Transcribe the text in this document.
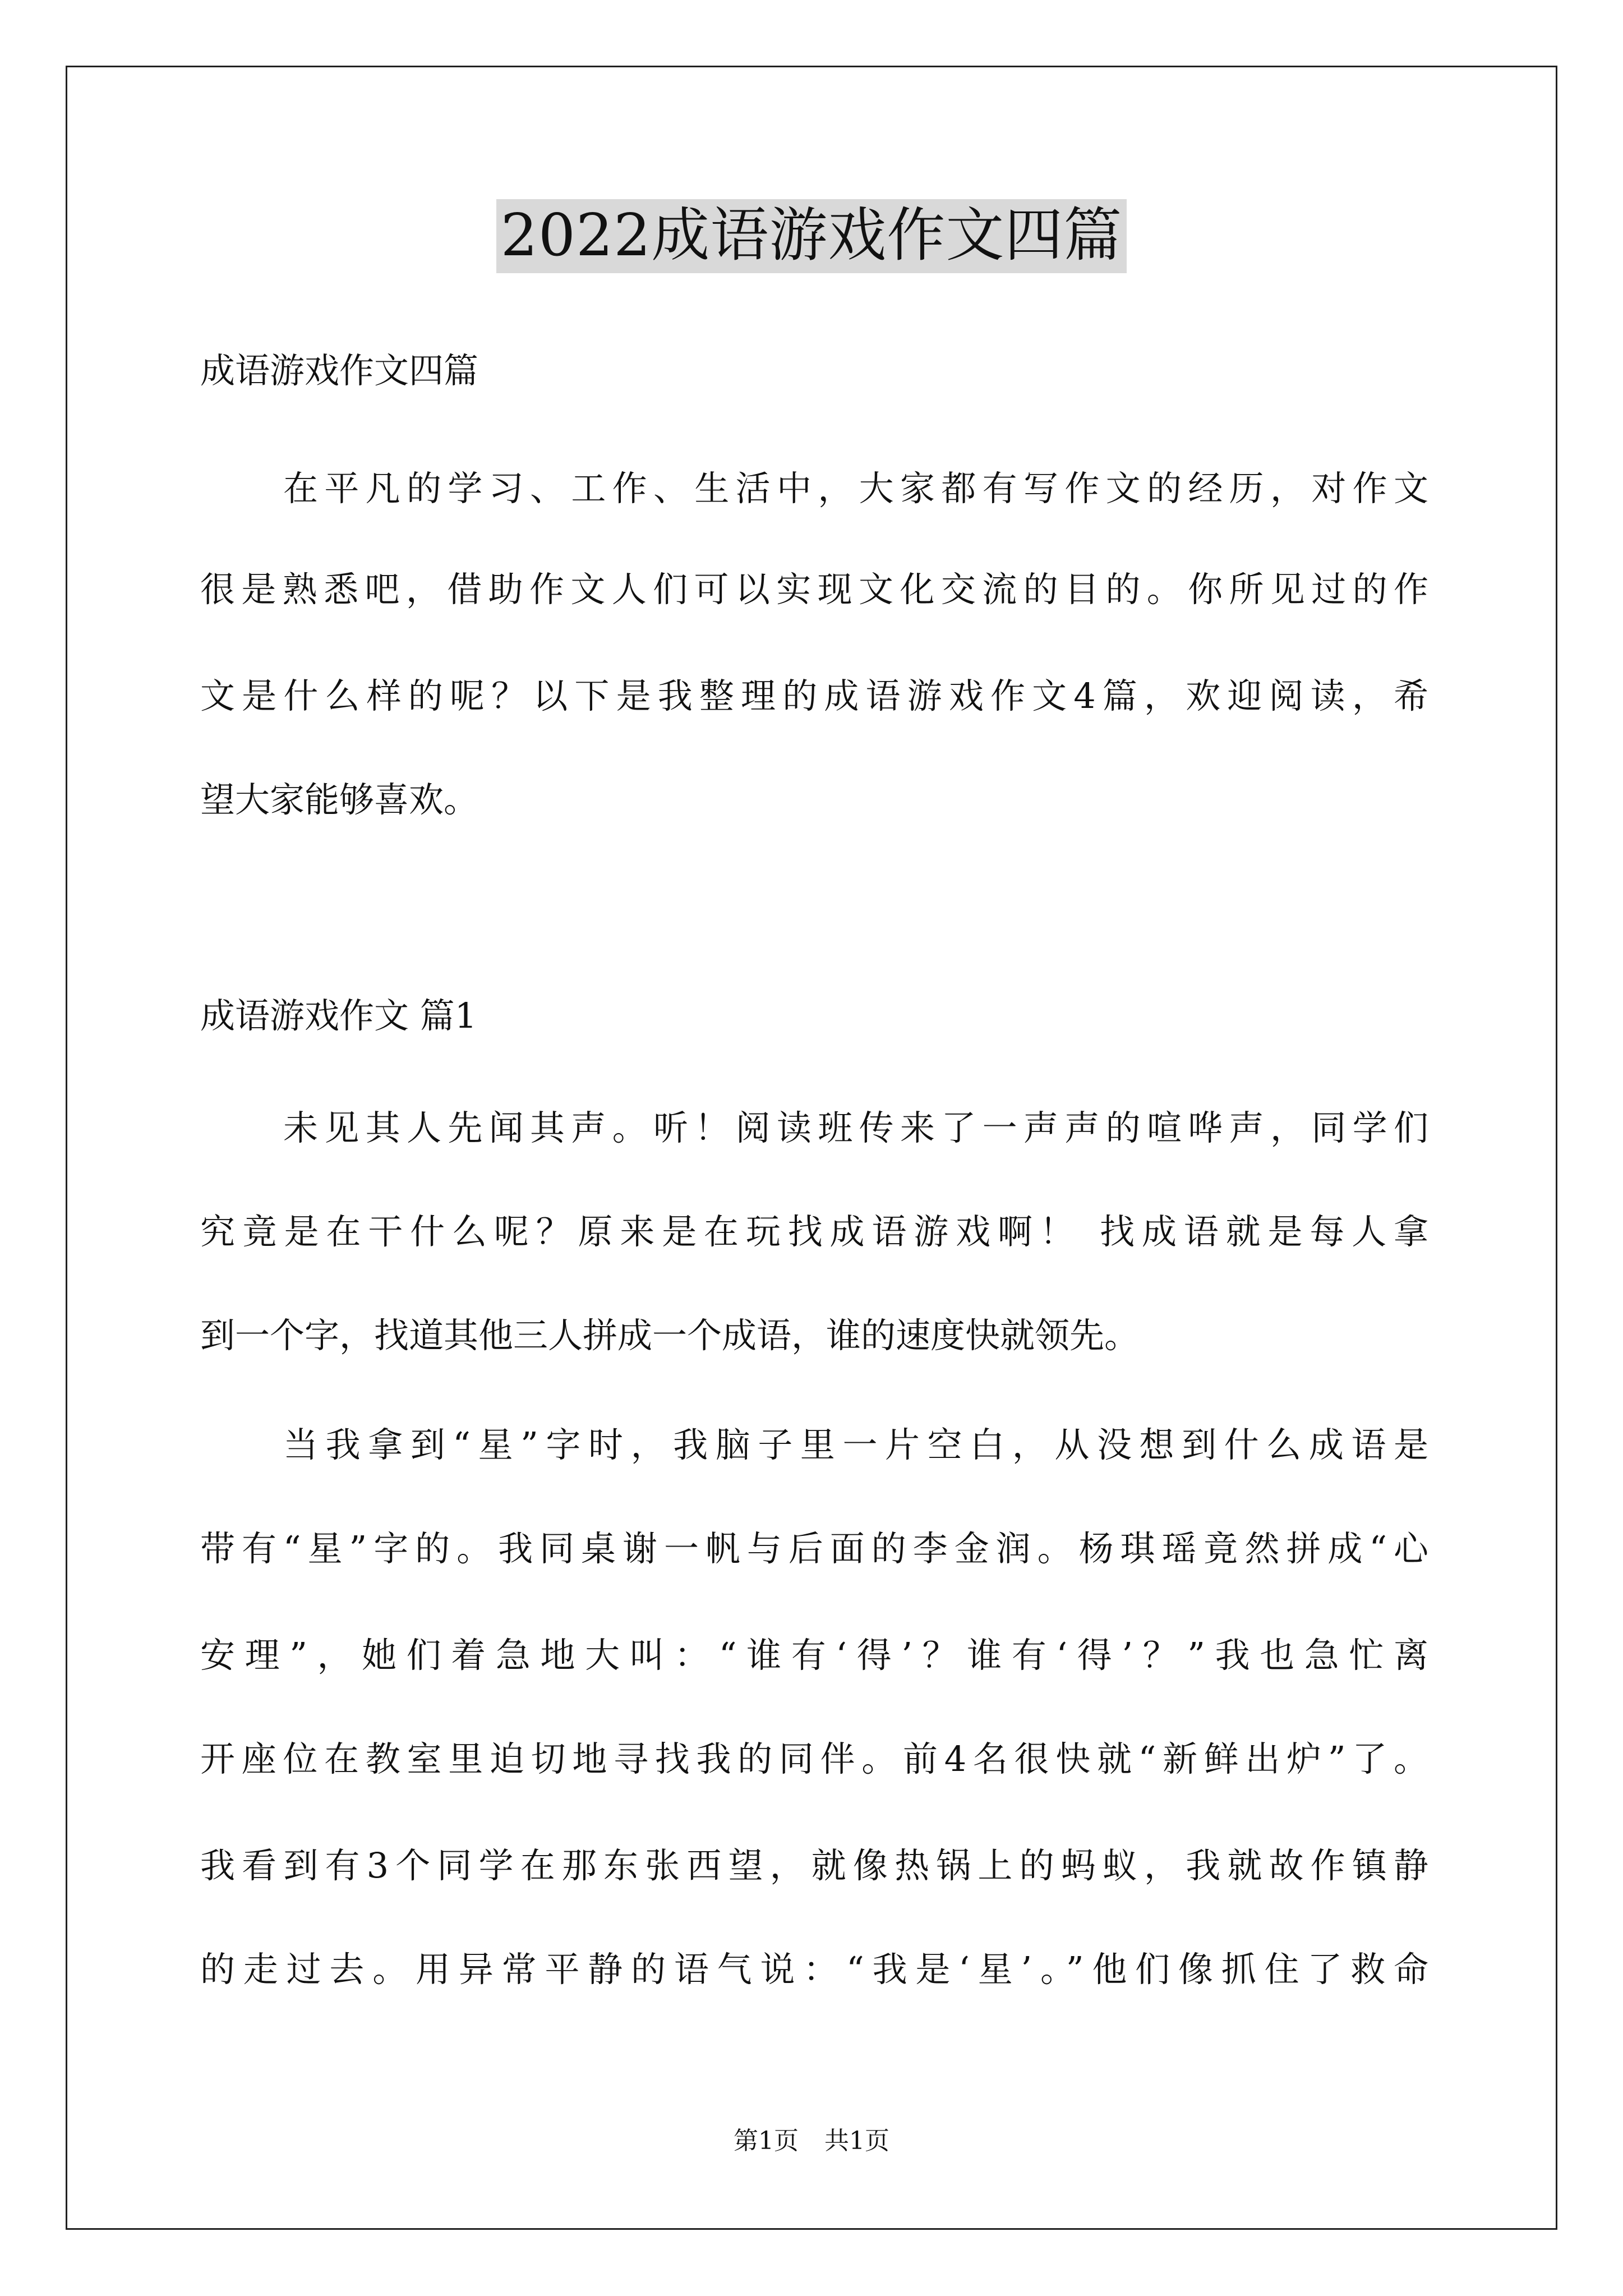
2022成语游戏作文四篇
成语游戏作文四篇
在平凡的学习、工作、生活中，大家都有写作文的经历，对作文
很是熟悉吧，借助作文人们可以实现文化交流的目的。你所见过的作
文是什么样的呢？以下是我整理的成语游戏作文4篇，欢迎阅读，希
望大家能够喜欢。
成语游戏作文 篇1
未见其人先闻其声。听！阅读班传来了一声声的喧哗声，同学们
究竟是在干什么呢？原来是在玩找成语游戏啊！ 找成语就是每人拿
到一个字，找道其他三人拼成一个成语，谁的速度快就领先。
当我拿到“星”字时，我脑子里一片空白，从没想到什么成语是
带有“星”字的。我同桌谢一帆与后面的李金润。杨琪瑶竟然拼成“心
安理”，她们着急地大叫：“谁有‘得’？谁有‘得’？”我也急忙离
开座位在教室里迫切地寻找我的同伴。前4名很快就“新鲜出炉”了。
我看到有3个同学在那东张西望，就像热锅上的蚂蚁，我就故作镇静
的走过去。用异常平静的语气说：“我是‘星’。”他们像抓住了救命
第1页 共1页
